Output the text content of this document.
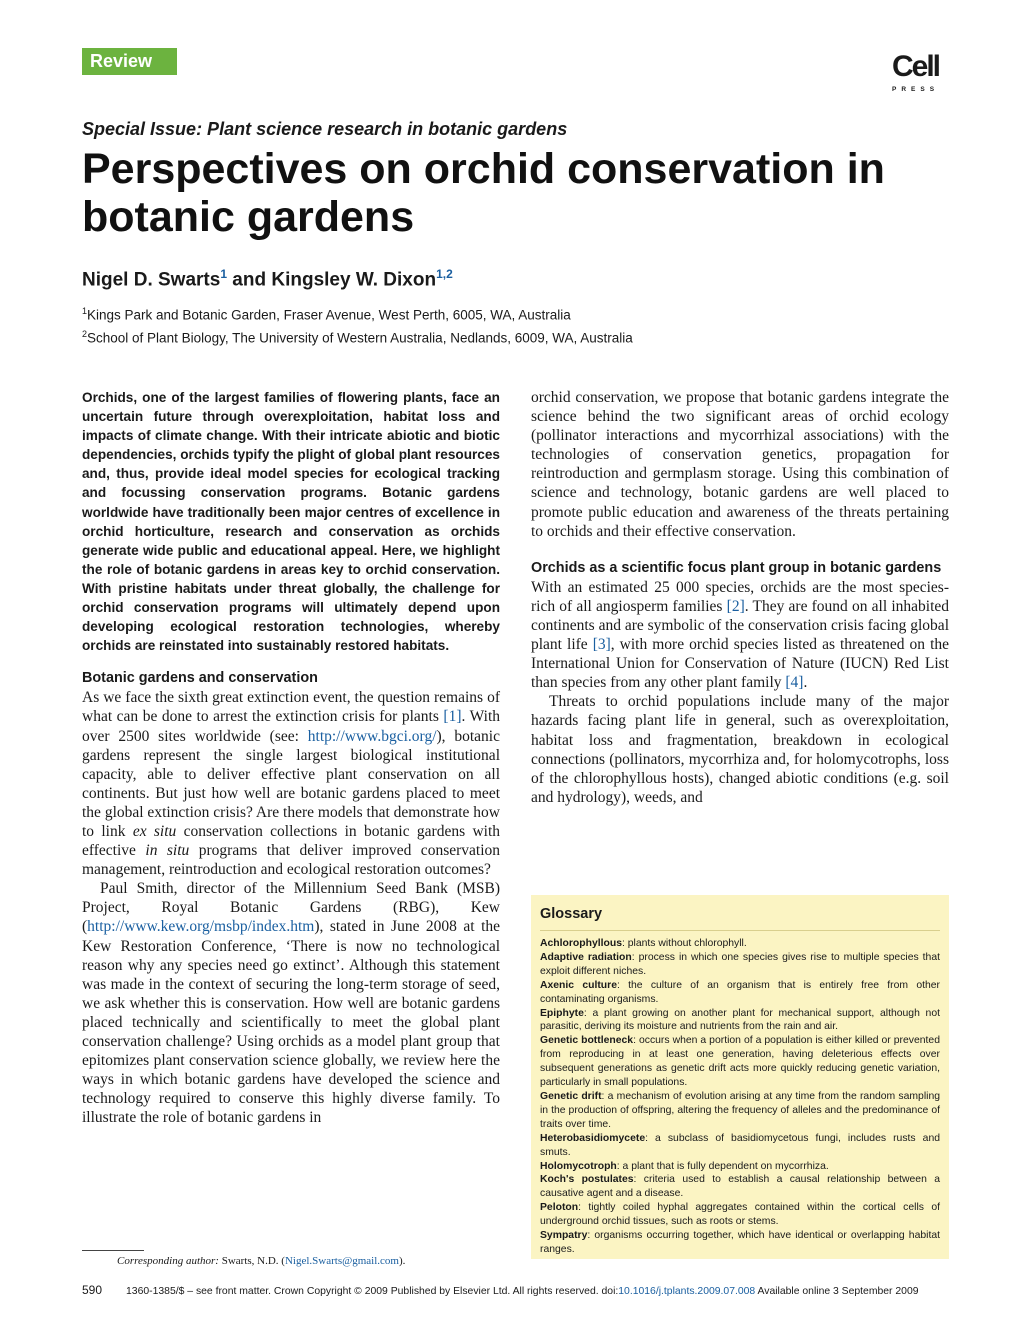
Review	Cell
PRESS
Special Issue: Plant science research in botanic gardens
Perspectives on orchid conservation in botanic gardens
Nigel D. Swarts$^1$ and Kingsley W. Dixon$^{1,2}$
$^1$Kings Park and Botanic Garden, Fraser Avenue, West Perth, 6005, WA, Australia
$^2$School of Plant Biology, The University of Western Australia, Nedlands, 6009, WA, Australia

Orchids, one of the largest families of flowering plants, face an uncertain future through overexploitation, habitat loss and impacts of climate change. With their intricate abiotic and biotic dependencies, orchids typify the plight of global plant resources and, thus, provide ideal model species for ecological tracking and focussing conservation programs. Botanic gardens worldwide have traditionally been major centres of excellence in orchid horticulture, research and conservation as orchids generate wide public and educational appeal. Here, we highlight the role of botanic gardens in areas key to orchid conservation. With pristine habitats under threat globally, the challenge for orchid conservation programs will ultimately depend upon developing ecological restoration technologies, whereby orchids are reinstated into sustainably restored habitats.

Botanic gardens and conservation

As we face the sixth great extinction event, the question remains of what can be done to arrest the extinction crisis for plants [1]. With over 2500 sites worldwide (see: http://www.bgci.org/), botanic gardens represent the single largest biological institutional capacity, able to deliver effective plant conservation on all continents. But just how well are botanic gardens placed to meet the global extinction crisis? Are there models that demonstrate how to link ex situ conservation collections in botanic gardens with effective in situ programs that deliver improved conservation management, reintroduction and ecological restoration outcomes?

Paul Smith, director of the Millennium Seed Bank (MSB) Project, Royal Botanic Gardens (RBG), Kew (http://www.kew.org/msbp/index.htm), stated in June 2008 at the Kew Restoration Conference, ‘There is now no technological reason why any species need go extinct’. Although this statement was made in the context of securing the long-term storage of seed, we ask whether this is conservation. How well are botanic gardens placed technically and scientifically to meet the global plant conservation challenge? Using orchids as a model plant group that epitomizes plant conservation science globally, we review here the ways in which botanic gardens have developed the science and technology required to conserve this highly diverse family. To illustrate the role of botanic gardens in

orchid conservation, we propose that botanic gardens integrate the science behind the two significant areas of orchid ecology (pollinator interactions and mycorrhizal associations) with the technologies of conservation genetics, propagation for reintroduction and germplasm storage. Using this combination of science and technology, botanic gardens are well placed to promote public education and awareness of the threats pertaining to orchids and their effective conservation.

Orchids as a scientific focus plant group in botanic gardens

With an estimated 25 000 species, orchids are the most species-rich of all angiosperm families [2]. They are found on all inhabited continents and are symbolic of the conservation crisis facing global plant life [3], with more orchid species listed as threatened on the International Union for Conservation of Nature (IUCN) Red List than species from any other plant family [4].

Threats to orchid populations include many of the major hazards facing plant life in general, such as overexploitation, habitat loss and fragmentation, breakdown in ecological connections (pollinators, mycorrhiza and, for holomycotrophs, loss of the chlorophyllous hosts), changed abiotic conditions (e.g. soil and hydrology), weeds, and

Glossary

Achlorophyllous: plants without chlorophyll.

Adaptive radiation: process in which one species gives rise to multiple species that exploit different niches.

Axenic culture: the culture of an organism that is entirely free from other contaminating organisms.

Epiphyte: a plant growing on another plant for mechanical support, although not parasitic, deriving its moisture and nutrients from the rain and air.

Genetic bottleneck: occurs when a portion of a population is either killed or prevented from reproducing in at least one generation, having deleterious effects over subsequent generations as genetic drift acts more quickly reducing genetic variation, particularly in small populations.

Genetic drift: a mechanism of evolution arising at any time from the random sampling in the production of offspring, altering the frequency of alleles and the predominance of traits over time.

Heterobasidiomycete: a subclass of basidiomycetous fungi, includes rusts and smuts.

Holomycotroph: a plant that is fully dependent on mycorrhiza.

Koch's postulates: criteria used to establish a causal relationship between a causative agent and a disease.

Peloton: tightly coiled hyphal aggregates contained within the cortical cells of underground orchid tissues, such as roots or stems.

Sympatry: organisms occurring together, which have identical or overlapping habitat ranges.

Corresponding author: Swarts, N.D. (Nigel.Swarts@gmail.com).
590 1360-1385/$ – see front matter. Crown Copyright © 2009 Published by Elsevier Ltd. All rights reserved. doi:10.1016/j.tplants.2009.07.008 Available online 3 September 2009
